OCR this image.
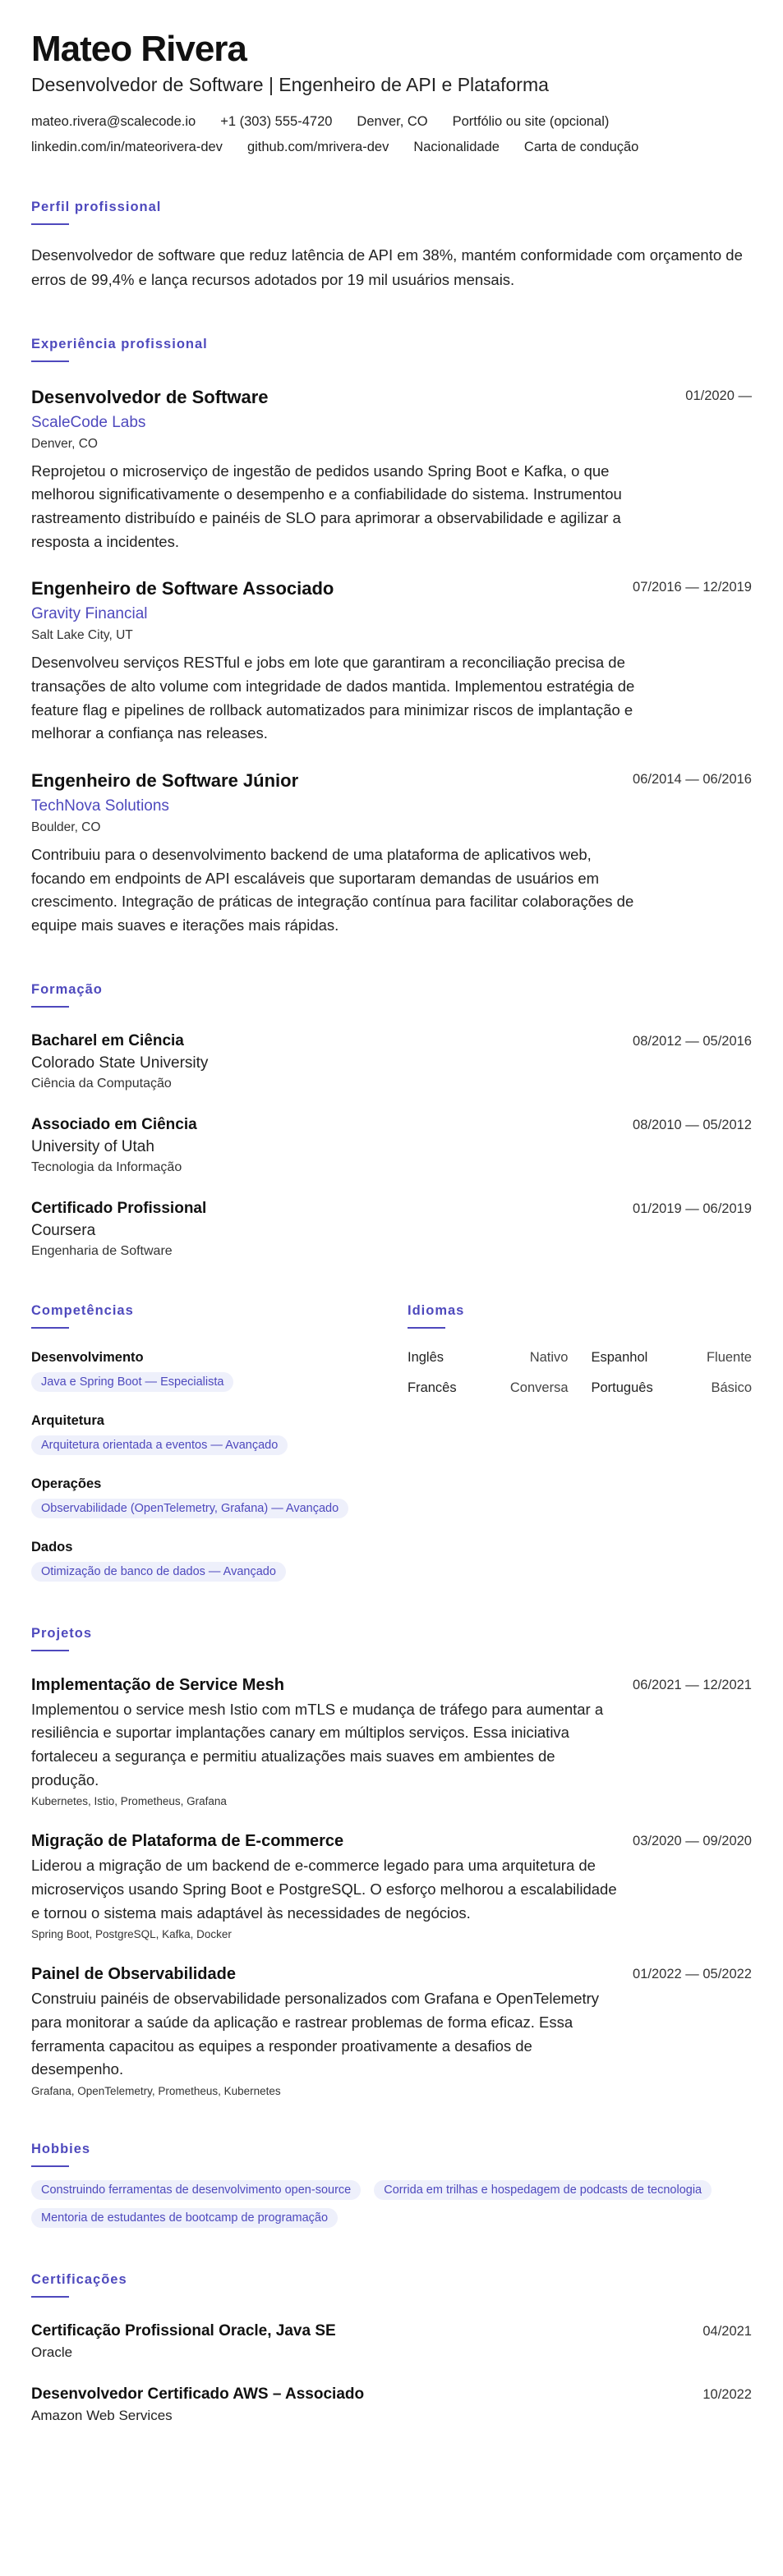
Mateo Rivera
Desenvolvedor de Software | Engenheiro de API e Plataforma
mateo.rivera@scalecode.io +1 (303) 555-4720 Denver, CO Portfólio ou site (opcional)
linkedin.com/in/mateorivera-dev github.com/mrivera-dev Nacionalidade Carta de condução
Perfil profissional
Desenvolvedor de software que reduz latência de API em 38%, mantém conformidade com orçamento de erros de 99,4% e lança recursos adotados por 19 mil usuários mensais.
Experiência profissional
Desenvolvedor de Software	01/2020 —
ScaleCode Labs
Denver, CO
Reprojetou o microserviço de ingestão de pedidos usando Spring Boot e Kafka, o que melhorou significativamente o desempenho e a confiabilidade do sistema. Instrumentou rastreamento distribuído e painéis de SLO para aprimorar a observabilidade e agilizar a resposta a incidentes.
Engenheiro de Software Associado	07/2016 — 12/2019
Gravity Financial
Salt Lake City, UT
Desenvolveu serviços RESTful e jobs em lote que garantiram a reconciliação precisa de transações de alto volume com integridade de dados mantida. Implementou estratégia de feature flag e pipelines de rollback automatizados para minimizar riscos de implantação e melhorar a confiança nas releases.
Engenheiro de Software Júnior	06/2014 — 06/2016
TechNova Solutions
Boulder, CO
Contribuiu para o desenvolvimento backend de uma plataforma de aplicativos web, focando em endpoints de API escaláveis que suportaram demandas de usuários em crescimento. Integração de práticas de integração contínua para facilitar colaborações de equipe mais suaves e iterações mais rápidas.
Formação
Bacharel em Ciência	08/2012 — 05/2016
Colorado State University
Ciência da Computação
Associado em Ciência	08/2010 — 05/2012
University of Utah
Tecnologia da Informação
Certificado Profissional	01/2019 — 06/2019
Coursera
Engenharia de Software
Competências
Desenvolvimento
Java e Spring Boot — Especialista
Arquitetura
Arquitetura orientada a eventos — Avançado
Operações
Observabilidade (OpenTelemetry, Grafana) — Avançado
Dados
Otimização de banco de dados — Avançado
Idiomas
Inglês	Nativo Espanhol	Fluente
Francês	Conversa Português	Básico
Projetos
Implementação de Service Mesh	06/2021 — 12/2021
Implementou o service mesh Istio com mTLS e mudança de tráfego para aumentar a resiliência e suportar implantações canary em múltiplos serviços. Essa iniciativa fortaleceu a segurança e permitiu atualizações mais suaves em ambientes de produção.
Kubernetes, Istio, Prometheus, Grafana
Migração de Plataforma de E-commerce	03/2020 — 09/2020
Liderou a migração de um backend de e-commerce legado para uma arquitetura de microserviços usando Spring Boot e PostgreSQL. O esforço melhorou a escalabilidade e tornou o sistema mais adaptável às necessidades de negócios.
Spring Boot, PostgreSQL, Kafka, Docker
Painel de Observabilidade	01/2022 — 05/2022
Construiu painéis de observabilidade personalizados com Grafana e OpenTelemetry para monitorar a saúde da aplicação e rastrear problemas de forma eficaz. Essa ferramenta capacitou as equipes a responder proativamente a desafios de desempenho.
Grafana, OpenTelemetry, Prometheus, Kubernetes
Hobbies
Construindo ferramentas de desenvolvimento open-source	Corrida em trilhas e hospedagem de podcasts de tecnologia
Mentoria de estudantes de bootcamp de programação
Certificações
Certificação Profissional Oracle, Java SE	04/2021
Oracle
Desenvolvedor Certificado AWS – Associado	10/2022
Amazon Web Services
